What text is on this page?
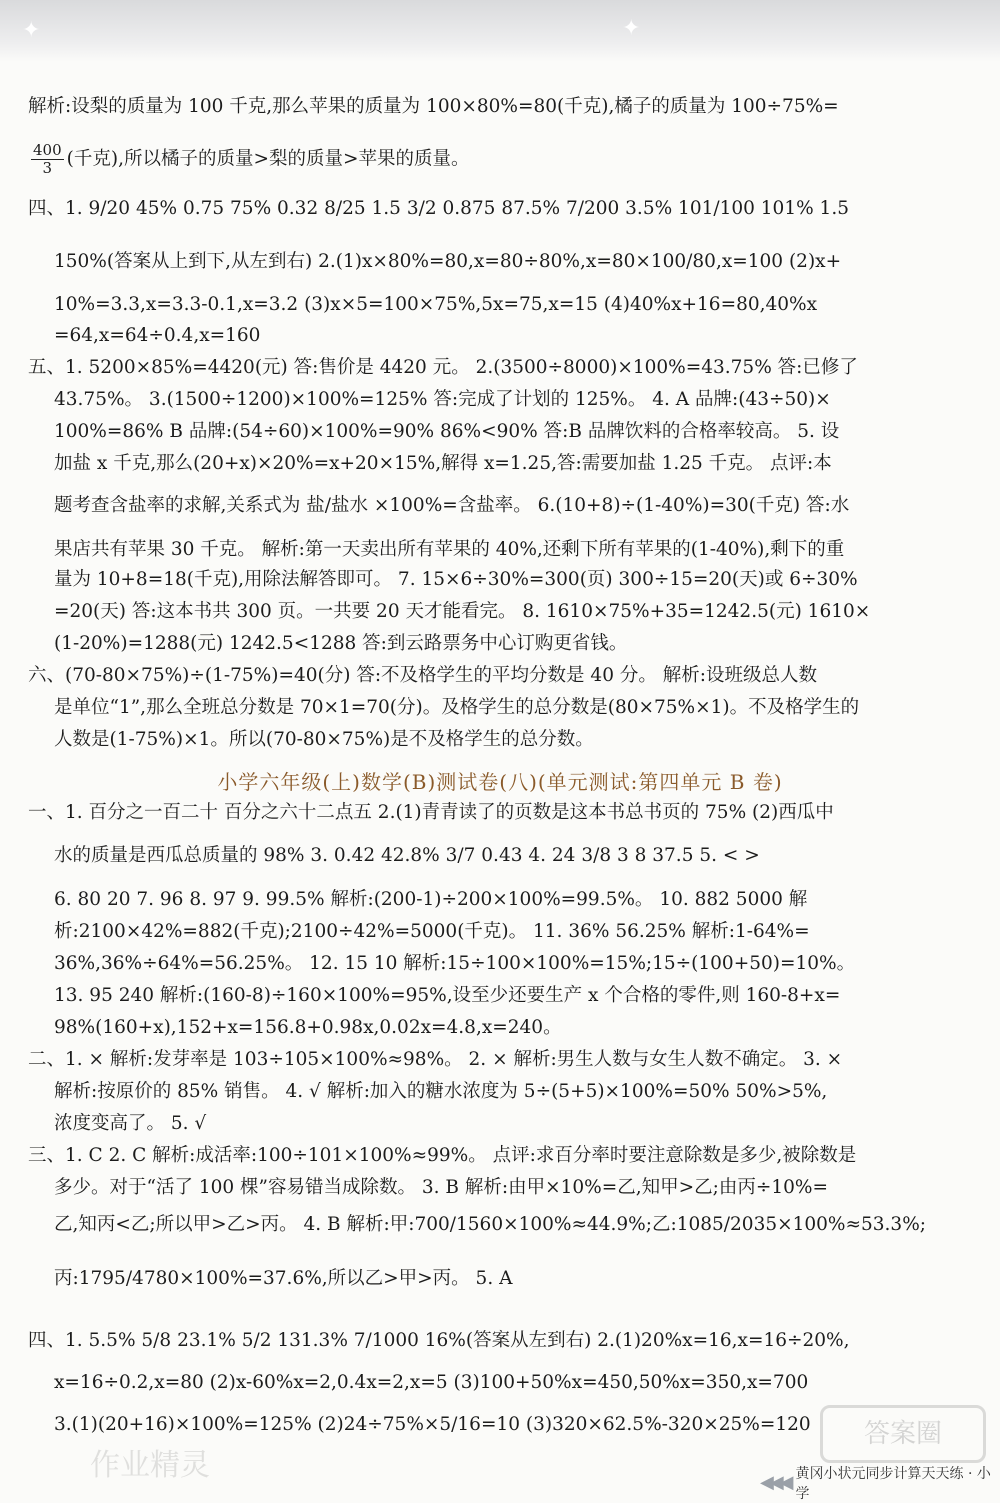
✦	✦
解析:设梨的质量为 100 千克,那么苹果的质量为 100×80%=80(千克),橘子的质量为 100÷75%=
$\frac{400}{3}$ (千克),所以橘子的质量>梨的质量>苹果的质量。
四、1. 9/20 45% 0.75 75% 0.32 8/25 1.5 3/2 0.875 87.5% 7/200 3.5% 101/100 101% 1.5
150%(答案从上到下,从左到右) 2.(1)x×80%=80,x=80÷80%,x=80×100/80,x=100 (2)x+
10%=3.3,x=3.3-0.1,x=3.2 (3)x×5=100×75%,5x=75,x=15 (4)40%x+16=80,40%x
=64,x=64÷0.4,x=160
五、1. 5200×85%=4420(元) 答:售价是 4420 元。 2.(3500÷8000)×100%=43.75% 答:已修了
43.75%。 3.(1500÷1200)×100%=125% 答:完成了计划的 125%。 4. A 品牌:(43÷50)×
100%=86% B 品牌:(54÷60)×100%=90% 86%<90% 答:B 品牌饮料的合格率较高。 5. 设
加盐 x 千克,那么(20+x)×20%=x+20×15%,解得 x=1.25,答:需要加盐 1.25 千克。 点评:本
题考查含盐率的求解,关系式为 盐/盐水 ×100%=含盐率。 6.(10+8)÷(1-40%)=30(千克) 答:水
果店共有苹果 30 千克。 解析:第一天卖出所有苹果的 40%,还剩下所有苹果的(1-40%),剩下的重
量为 10+8=18(千克),用除法解答即可。 7. 15×6÷30%=300(页) 300÷15=20(天)或 6÷30%
=20(天) 答:这本书共 300 页。一共要 20 天才能看完。 8. 1610×75%+35=1242.5(元) 1610×
(1-20%)=1288(元) 1242.5<1288 答:到云路票务中心订购更省钱。
六、(70-80×75%)÷(1-75%)=40(分) 答:不及格学生的平均分数是 40 分。 解析:设班级总人数
是单位“1”,那么全班总分数是 70×1=70(分)。及格学生的总分数是(80×75%×1)。不及格学生的
人数是(1-75%)×1。所以(70-80×75%)是不及格学生的总分数。
一、1. 百分之一百二十 百分之六十二点五 2.(1)青青读了的页数是这本书总书页的 75% (2)西瓜中
水的质量是西瓜总质量的 98% 3. 0.42 42.8% 3/7 0.43 4. 24 3/8 3 8 37.5 5. < >
6. 80 20 7. 96 8. 97 9. 99.5% 解析:(200-1)÷200×100%=99.5%。 10. 882 5000 解
析:2100×42%=882(千克);2100÷42%=5000(千克)。 11. 36% 56.25% 解析:1-64%=
36%,36%÷64%=56.25%。 12. 15 10 解析:15÷100×100%=15%;15÷(100+50)=10%。
13. 95 240 解析:(160-8)÷160×100%=95%,设至少还要生产 x 个合格的零件,则 160-8+x=
98%(160+x),152+x=156.8+0.98x,0.02x=4.8,x=240。
二、1. × 解析:发芽率是 103÷105×100%≈98%。 2. × 解析:男生人数与女生人数不确定。 3. ×
解析:按原价的 85% 销售。 4. √ 解析:加入的糖水浓度为 5÷(5+5)×100%=50% 50%>5%,
浓度变高了。 5. √
三、1. C 2. C 解析:成活率:100÷101×100%≈99%。 点评:求百分率时要注意除数是多少,被除数是
多少。对于“活了 100 棵”容易错当成除数。 3. B 解析:由甲×10%=乙,知甲>乙;由丙÷10%=
乙,知丙<乙;所以甲>乙>丙。 4. B 解析:甲:700/1560×100%≈44.9%;乙:1085/2035×100%≈53.3%;
丙:1795/4780×100%=37.6%,所以乙>甲>丙。 5. A
四、1. 5.5% 5/8 23.1% 5/2 131.3% 7/1000 16%(答案从左到右) 2.(1)20%x=16,x=16÷20%,
x=16÷0.2,x=80 (2)x-60%x=2,0.4x=2,x=5 (3)100+50%x=450,50%x=350,x=700
3.(1)(20+16)×100%=125% (2)24÷75%×5/16=10 (3)320×62.5%-320×25%=120
小学六年级(上)数学(B)测试卷(八)(单元测试:第四单元 B 卷)
作业精灵
答案圈
◀◀◀ 黄冈小状元同步计算天天练 · 小学
